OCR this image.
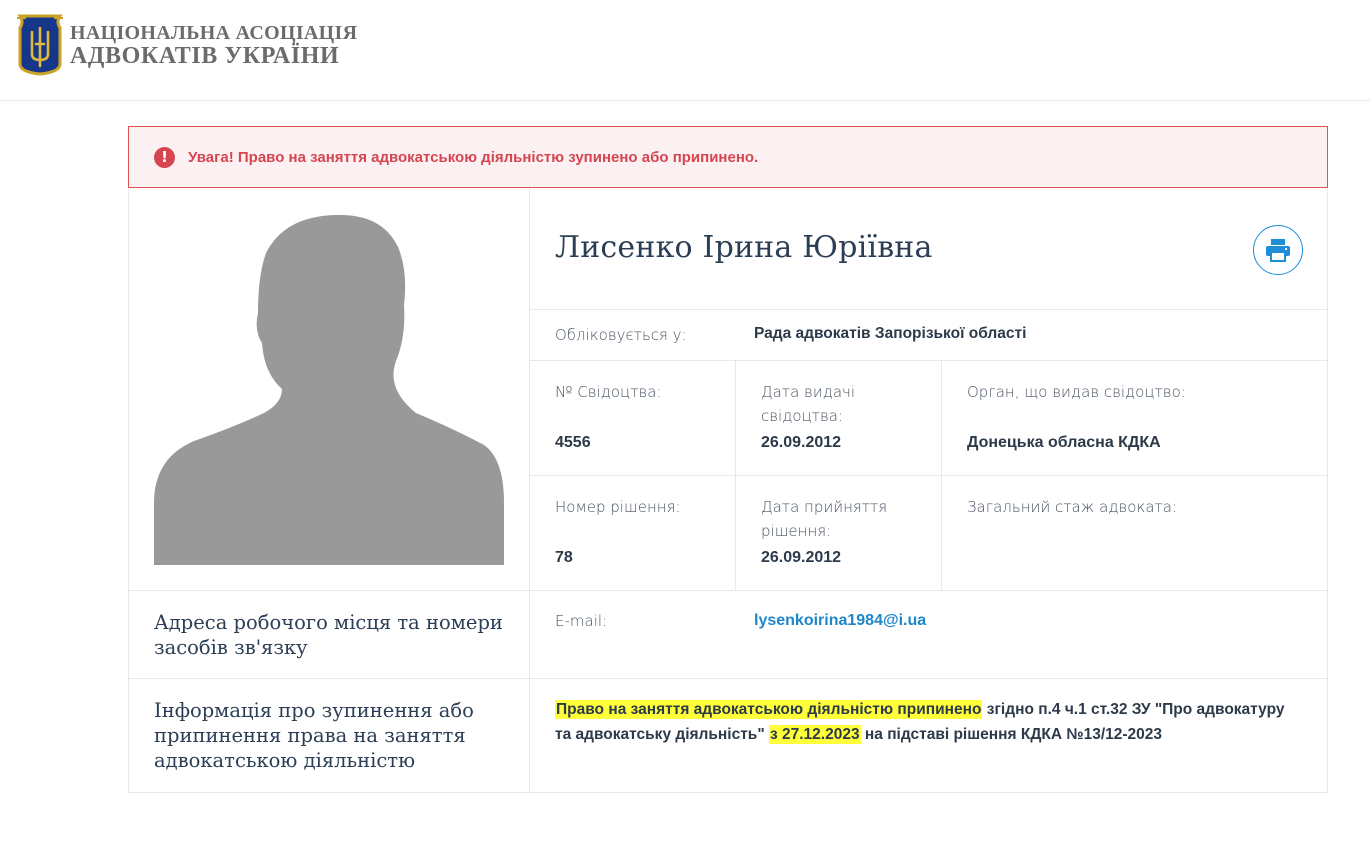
НАЦІОНАЛЬНА АСОЦІАЦІЯ
АДВОКАТІВ УКРАЇНИ
!	Увага! Право на заняття адвокатською діяльністю зупинено або припинено.
Лисенко Ірина Юріївна
Обліковується у:	Рада адвокатів Запорізької області
№ Свідоцтва:
4556
Дата видачі свідоцтва:
26.09.2012
Орган, що видав свідоцтво:
Донецька обласна КДКА
Номер рішення:
78
Дата прийняття рішення:
26.09.2012
Загальний стаж адвоката:
Адреса робочого місця та номери засобів зв'язку
E-mail:	lysenkoirina1984@i.ua
Інформація про зупинення або припинення права на заняття адвокатською діяльністю
Право на заняття адвокатською діяльністю припинено згідно п.4 ч.1 ст.32 ЗУ "Про адвокатуру та адвокатську діяльність" з 27.12.2023 на підставі рішення КДКА №13/12-2023
